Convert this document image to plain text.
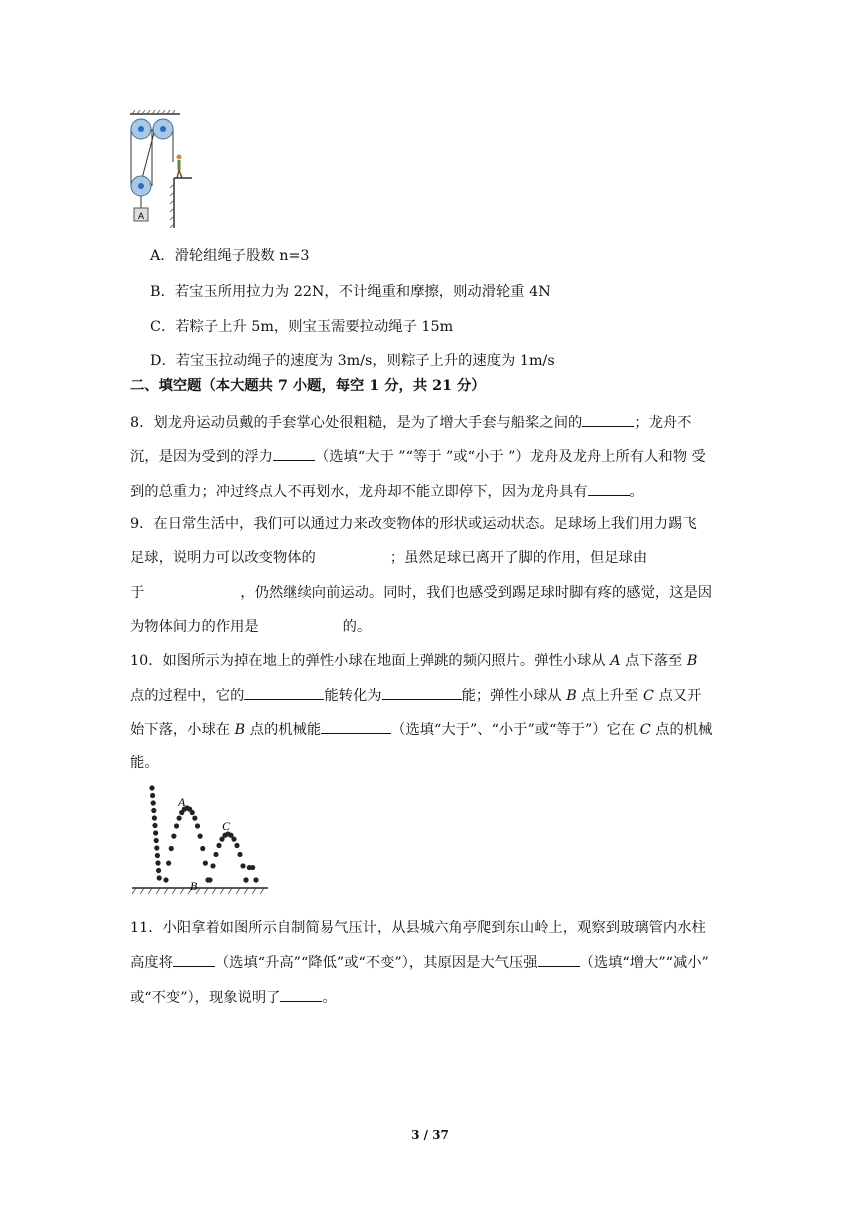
A
A．滑轮组绳子股数 n=3
B．若宝玉所用拉力为 22N，不计绳重和摩擦，则动滑轮重 4N
C．若粽子上升 5m，则宝玉需要拉动绳子 15m
D．若宝玉拉动绳子的速度为 3m/s，则粽子上升的速度为 1m/s
二、填空题（本大题共 7 小题，每空 1 分，共 21 分）
8．划龙舟运动员戴的手套掌心处很粗糙，是为了增大手套与船桨之间的	；龙舟不
沉，是因为受到的浮力	（选填“大于 ”“等于 ”或“小于 ”）龙舟及龙舟上所有人和物 受
到的总重力；冲过终点人不再划水，龙舟却不能立即停下，因为龙舟具有	。
9．在日常生活中，我们可以通过力来改变物体的形状或运动状态。足球场上我们用力踢飞
足球，说明力可以改变物体的	；虽然足球已离开了脚的作用，但足球由
于	，仍然继续向前运动。同时，我们也感受到踢足球时脚有疼的感觉，这是因
为物体间力的作用是	的。
10．如图所示为掉在地上的弹性小球在地面上弹跳的频闪照片。弹性小球从 A 点下落至 B
点的过程中，它的	能转化为	能；弹性小球从 B 点上升至 C 点又开
始下落，小球在 B 点的机械能	（选填“大于”、“小于”或“等于”）它在 C 点的机械
能。
A
B
C
11．小阳拿着如图所示自制简易气压计，从县城六角亭爬到东山岭上，观察到玻璃管内水柱
高度将	（选填“升高”“降低”或“不变”），其原因是大气压强	（选填“增大”“减小”
或“不变”），现象说明了	。
3 / 37
